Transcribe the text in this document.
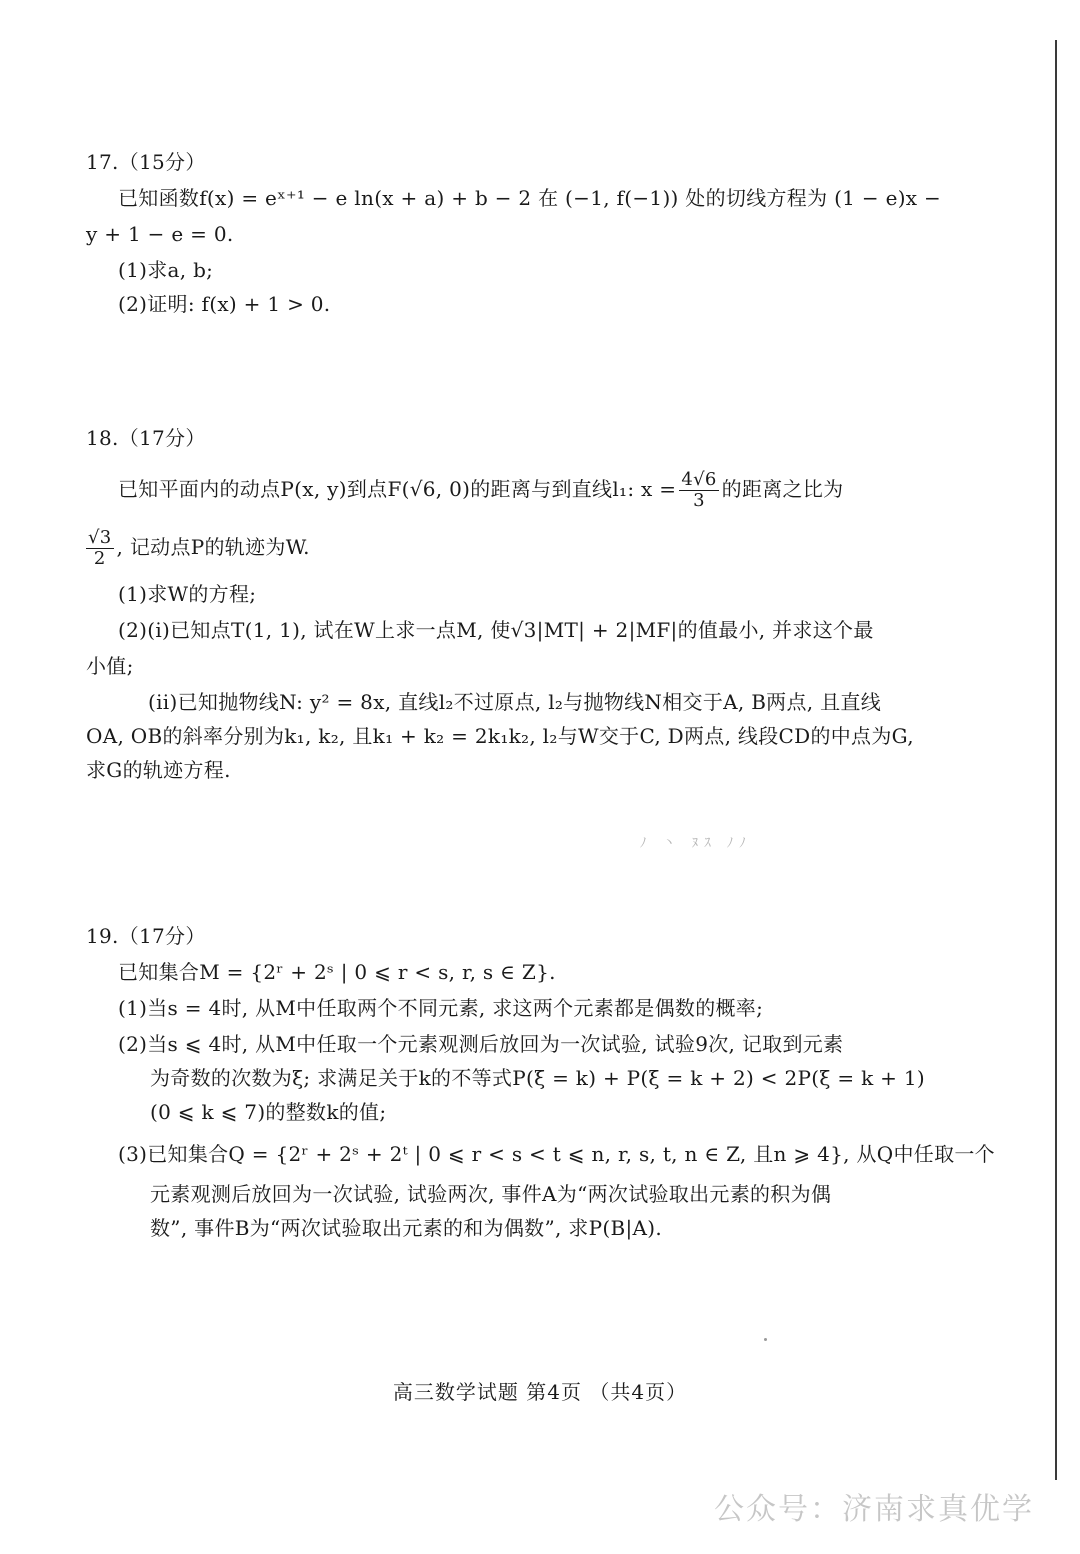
17.（15分）
已知函数f(x) = eˣ⁺¹ − e ln(x + a) + b − 2 在 (−1, f(−1)) 处的切线方程为 (1 − e)x −
y + 1 − e = 0.
(1)求a, b;
(2)证明: f(x) + 1 > 0.
18.（17分）
已知平面内的动点P(x, y)到点F(√6, 0)的距离与到直线l₁: $x = \frac{4√6}{3}$ 的距离之比为
$\frac{√3}{2}$ , 记动点P的轨迹为W.
(1)求W的方程;
(2)(i)已知点T(1, 1), 试在W上求一点M, 使√3|MT| + 2|MF|的值最小, 并求这个最
小值;
(ii)已知抛物线N: y² = 8x, 直线l₂不过原点, l₂与抛物线N相交于A, B两点, 且直线
OA, OB的斜率分别为k₁, k₂, 且k₁ + k₂ = 2k₁k₂, l₂与W交于C, D两点, 线段CD的中点为G,
求G的轨迹方程.
ﾉ 丶 ﾇｽ ﾉﾉ
19.（17分）
已知集合M = {2ʳ + 2ˢ | 0 ⩽ r < s, r, s ∈ Z}.
(1)当s = 4时, 从M中任取两个不同元素, 求这两个元素都是偶数的概率;
(2)当s ⩽ 4时, 从M中任取一个元素观测后放回为一次试验, 试验9次, 记取到元素
为奇数的次数为ξ; 求满足关于k的不等式P(ξ = k) + P(ξ = k + 2) < 2P(ξ = k + 1)
(0 ⩽ k ⩽ 7)的整数k的值;
(3)已知集合Q = {2ʳ + 2ˢ + 2ᵗ | 0 ⩽ r < s < t ⩽ n, r, s, t, n ∈ Z, 且n ⩾ 4}, 从Q中任取一个
元素观测后放回为一次试验, 试验两次, 事件A为“两次试验取出元素的积为偶
数”, 事件B为“两次试验取出元素的和为偶数”, 求P(B|A).
高三数学试题 第4页 （共4页）
公众号：济南求真优学
